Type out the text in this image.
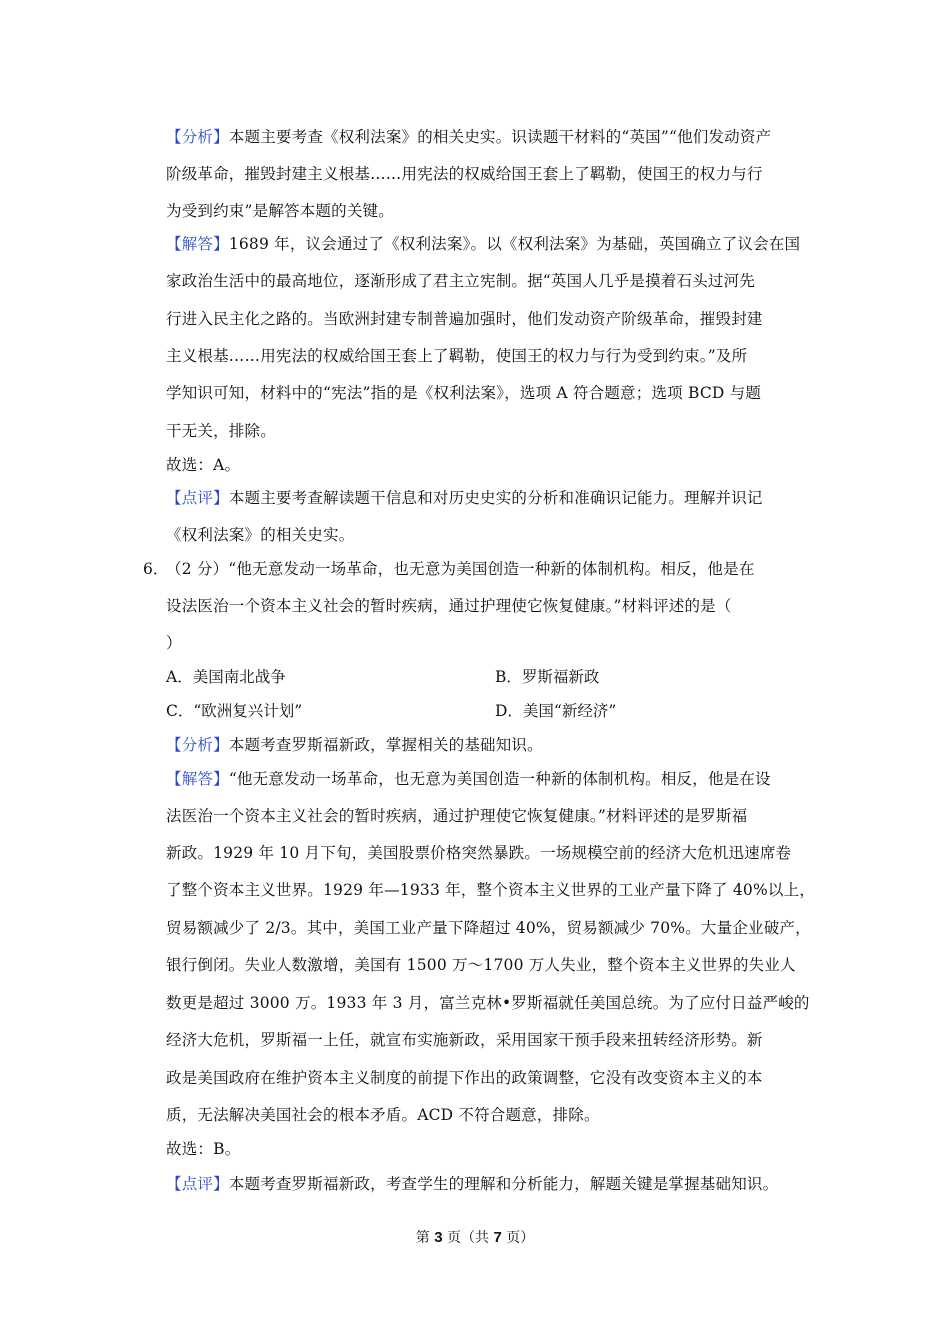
【分析】本题主要考查《权利法案》的相关史实。识读题干材料的“英国”“他们发动资产
阶级革命，摧毁封建主义根基……用宪法的权威给国王套上了羁勒，使国王的权力与行
为受到约束”是解答本题的关键。
【解答】1689 年，议会通过了《权利法案》。以《权利法案》为基础，英国确立了议会在国
家政治生活中的最高地位，逐渐形成了君主立宪制。据“英国人几乎是摸着石头过河先
行进入民主化之路的。当欧洲封建专制普遍加强时，他们发动资产阶级革命，摧毁封建
主义根基……用宪法的权威给国王套上了羁勒，使国王的权力与行为受到约束。”及所
学知识可知，材料中的“宪法”指的是《权利法案》，选项 A 符合题意；选项 BCD 与题
干无关，排除。
故选：A。
【点评】本题主要考查解读题干信息和对历史史实的分析和准确识记能力。理解并识记
《权利法案》的相关史实。
6．
（2 分）“他无意发动一场革命，也无意为美国创造一种新的体制机构。相反，他是在
设法医治一个资本主义社会的暂时疾病，通过护理使它恢复健康。”材料评述的是（
）
A．美国南北战争	B．罗斯福新政
C．“欧洲复兴计划”	D．美国“新经济”
【分析】本题考查罗斯福新政，掌握相关的基础知识。
【解答】“他无意发动一场革命，也无意为美国创造一种新的体制机构。相反，他是在设
法医治一个资本主义社会的暂时疾病，通过护理使它恢复健康。”材料评述的是罗斯福
新政。1929 年 10 月下旬，美国股票价格突然暴跌。一场规模空前的经济大危机迅速席卷
了整个资本主义世界。1929 年—1933 年，整个资本主义世界的工业产量下降了 40%以上，
贸易额减少了 2/3。其中，美国工业产量下降超过 40%，贸易额减少 70%。大量企业破产，
银行倒闭。失业人数激增，美国有 1500 万～1700 万人失业，整个资本主义世界的失业人
数更是超过 3000 万。1933 年 3 月，富兰克林•罗斯福就任美国总统。为了应付日益严峻的
经济大危机，罗斯福一上任，就宣布实施新政，采用国家干预手段来扭转经济形势。新
政是美国政府在维护资本主义制度的前提下作出的政策调整，它没有改变资本主义的本
质，无法解决美国社会的根本矛盾。ACD 不符合题意，排除。
故选：B。
【点评】本题考查罗斯福新政，考查学生的理解和分析能力，解题关键是掌握基础知识。
第 3 页（共 7 页）
